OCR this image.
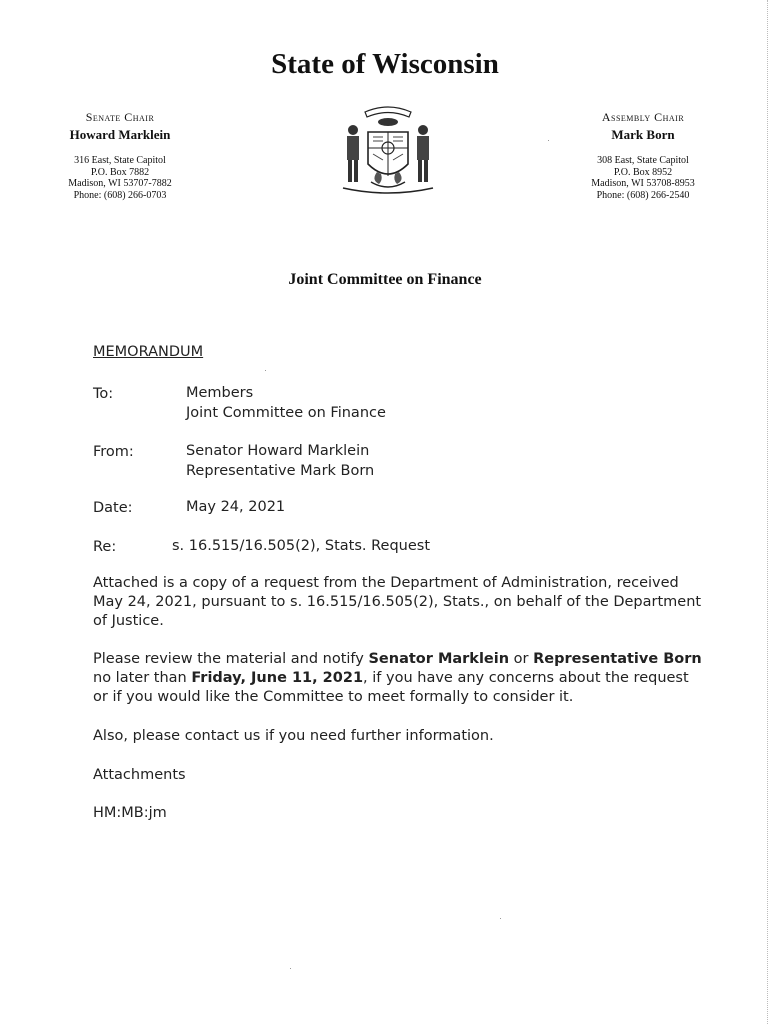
State of Wisconsin
Senate Chair
Howard Marklein
316 East, State Capitol
P.O. Box 7882
Madison, WI 53707-7882
Phone: (608) 266-0703
Assembly Chair
Mark Born
308 East, State Capitol
P.O. Box 8952
Madison, WI 53708-8953
Phone: (608) 266-2540
Joint Committee on Finance
MEMORANDUM
To:	Members
Joint Committee on Finance
From:	Senator Howard Marklein
Representative Mark Born
Date:	May 24, 2021
Re:	s. 16.515/16.505(2), Stats. Request
Attached is a copy of a request from the Department of Administration, received May 24, 2021, pursuant to s. 16.515/16.505(2), Stats., on behalf of the Department of Justice.
Please review the material and notify Senator Marklein or Representative Born no later than Friday, June 11, 2021, if you have any concerns about the request or if you would like the Committee to meet formally to consider it.
Also, please contact us if you need further information.
Attachments
HM:MB:jm
